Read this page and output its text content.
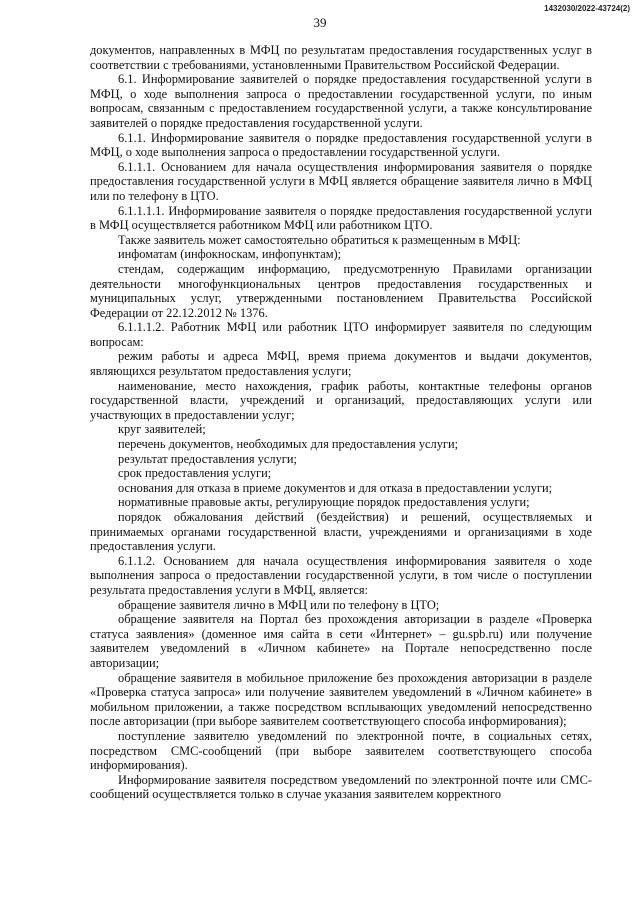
1432030/2022-43724(2)
39

документов, направленных в МФЦ по результатам предоставления государственных услуг в соответствии с требованиями, установленными Правительством Российской Федерации.

6.1. Информирование заявителей о порядке предоставления государственной услуги в МФЦ, о ходе выполнения запроса о предоставлении государственной услуги, по иным вопросам, связанным с предоставлением государственной услуги, а также консультирование заявителей о порядке предоставления государственной услуги.

6.1.1. Информирование заявителя о порядке предоставления государственной услуги в МФЦ, о ходе выполнения запроса о предоставлении государственной услуги.

6.1.1.1. Основанием для начала осуществления информирования заявителя о порядке предоставления государственной услуги в МФЦ является обращение заявителя лично в МФЦ или по телефону в ЦТО.

6.1.1.1.1. Информирование заявителя о порядке предоставления государственной услуги в МФЦ осуществляется работником МФЦ или работником ЦТО.

Также заявитель может самостоятельно обратиться к размещенным в МФЦ:

инфоматам (инфокноскам, инфопунктам);

стендам, содержащим информацию, предусмотренную Правилами организации деятельности многофункциональных центров предоставления государственных и муниципальных услуг, утвержденными постановлением Правительства Российской Федерации от 22.12.2012 № 1376.

6.1.1.1.2. Работник МФЦ или работник ЦТО информирует заявителя по следующим вопросам:

режим работы и адреса МФЦ, время приема документов и выдачи документов, являющихся результатом предоставления услуги;

наименование, место нахождения, график работы, контактные телефоны органов государственной власти, учреждений и организаций, предоставляющих услуги или участвующих в предоставлении услуг;

круг заявителей;

перечень документов, необходимых для предоставления услуги;

результат предоставления услуги;

срок предоставления услуги;

основания для отказа в приеме документов и для отказа в предоставлении услуги;

нормативные правовые акты, регулирующие порядок предоставления услуги;

порядок обжалования действий (бездействия) и решений, осуществляемых и принимаемых органами государственной власти, учреждениями и организациями в ходе предоставления услуги.

6.1.1.2. Основанием для начала осуществления информирования заявителя о ходе выполнения запроса о предоставлении государственной услуги, в том числе о поступлении результата предоставления услуги в МФЦ, является:

обращение заявителя лично в МФЦ или по телефону в ЦТО;

обращение заявителя на Портал без прохождения авторизации в разделе «Проверка статуса заявления» (доменное имя сайта в сети «Интернет» – gu.spb.ru) или получение заявителем уведомлений в «Личном кабинете» на Портале непосредственно после авторизации;

обращение заявителя в мобильное приложение без прохождения авторизации в разделе «Проверка статуса запроса» или получение заявителем уведомлений в «Личном кабинете» в мобильном приложении, а также посредством всплывающих уведомлений непосредственно после авторизации (при выборе заявителем соответствующего способа информирования);

поступление заявителю уведомлений по электронной почте, в социальных сетях, посредством СМС-сообщений (при выборе заявителем соответствующего способа информирования).

Информирование заявителя посредством уведомлений по электронной почте или СМС-сообщений осуществляется только в случае указания заявителем корректного
